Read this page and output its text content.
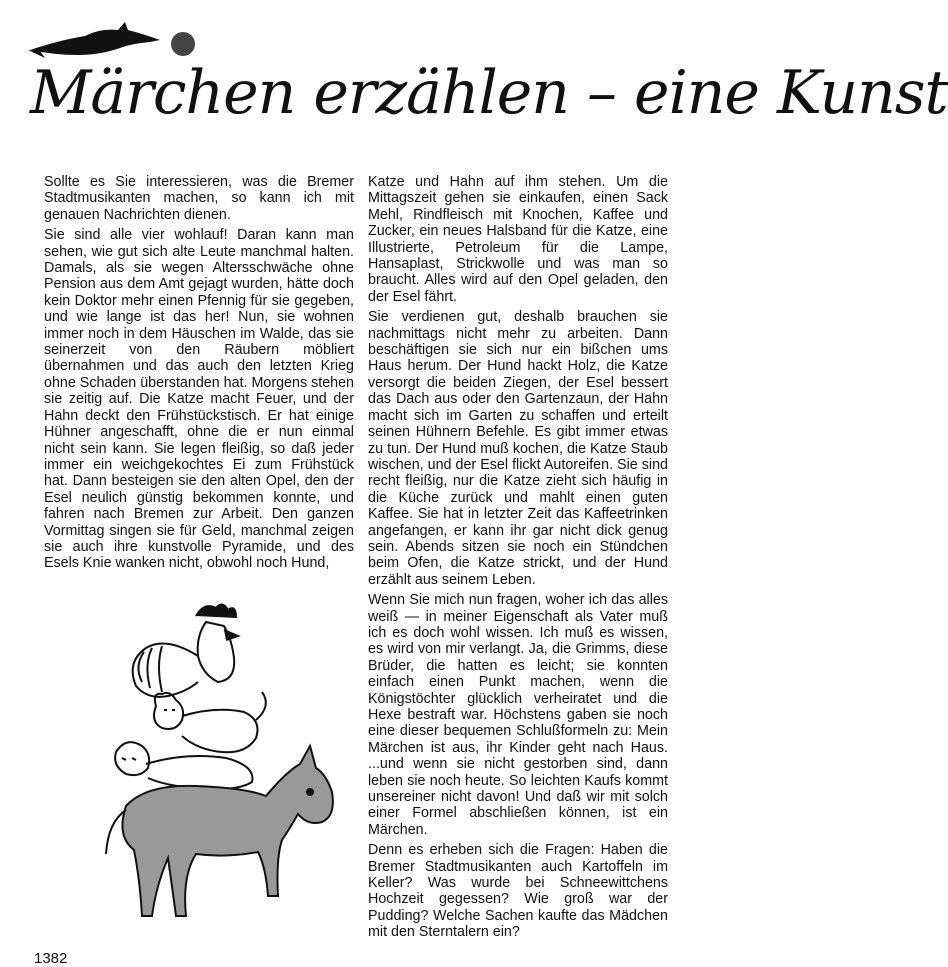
Märchen erzählen – eine Kunst

Sollte es Sie interessieren, was die Bremer Stadtmusikanten machen, so kann ich mit genauen Nachrichten dienen.

Sie sind alle vier wohlauf! Daran kann man sehen, wie gut sich alte Leute manchmal halten. Damals, als sie wegen Altersschwäche ohne Pension aus dem Amt gejagt wurden, hätte doch kein Doktor mehr einen Pfennig für sie gegeben, und wie lange ist das her! Nun, sie wohnen immer noch in dem Häuschen im Walde, das sie seinerzeit von den Räubern möbliert übernahmen und das auch den letzten Krieg ohne Schaden überstanden hat. Morgens stehen sie zeitig auf. Die Katze macht Feuer, und der Hahn deckt den Frühstückstisch. Er hat einige Hühner angeschafft, ohne die er nun einmal nicht sein kann. Sie legen fleißig, so daß jeder immer ein weichgekochtes Ei zum Frühstück hat. Dann besteigen sie den alten Opel, den der Esel neulich günstig bekommen konnte, und fahren nach Bremen zur Arbeit. Den ganzen Vormittag singen sie für Geld, manchmal zeigen sie auch ihre kunstvolle Pyramide, und des Esels Knie wanken nicht, obwohl noch Hund,

Katze und Hahn auf ihm stehen. Um die Mittagszeit gehen sie einkaufen, einen Sack Mehl, Rindfleisch mit Knochen, Kaffee und Zucker, ein neues Halsband für die Katze, eine Illustrierte, Petroleum für die Lampe, Hansaplast, Strickwolle und was man so braucht. Alles wird auf den Opel geladen, den der Esel fährt.

Sie verdienen gut, deshalb brauchen sie nachmittags nicht mehr zu arbeiten. Dann beschäftigen sie sich nur ein bißchen ums Haus herum. Der Hund hackt Holz, die Katze versorgt die beiden Ziegen, der Esel bessert das Dach aus oder den Gartenzaun, der Hahn macht sich im Garten zu schaffen und erteilt seinen Hühnern Befehle. Es gibt immer etwas zu tun. Der Hund muß kochen, die Katze Staub wischen, und der Esel flickt Autoreifen. Sie sind recht fleißig, nur die Katze zieht sich häufig in die Küche zurück und mahlt einen guten Kaffee. Sie hat in letzter Zeit das Kaffeetrinken angefangen, er kann ihr gar nicht dick genug sein. Abends sitzen sie noch ein Stündchen beim Ofen, die Katze strickt, und der Hund erzählt aus seinem Leben.

Wenn Sie mich nun fragen, woher ich das alles weiß — in meiner Eigenschaft als Vater muß ich es doch wohl wissen. Ich muß es wissen, es wird von mir verlangt. Ja, die Grimms, diese Brüder, die hatten es leicht; sie konnten einfach einen Punkt machen, wenn die Königstöchter glücklich verheiratet und die Hexe bestraft war. Höchstens gaben sie noch eine dieser bequemen Schlußformeln zu: Mein Märchen ist aus, ihr Kinder geht nach Haus. ...und wenn sie nicht gestorben sind, dann leben sie noch heute. So leichten Kaufs kommt unsereiner nicht davon! Und daß wir mit solch einer Formel abschließen können, ist ein Märchen.

Denn es erheben sich die Fragen: Haben die Bremer Stadtmusikanten auch Kartoffeln im Keller? Was wurde bei Schneewittchens Hochzeit gegessen? Wie groß war der Pudding? Welche Sachen kaufte das Mädchen mit den Sterntalern ein?

1382
